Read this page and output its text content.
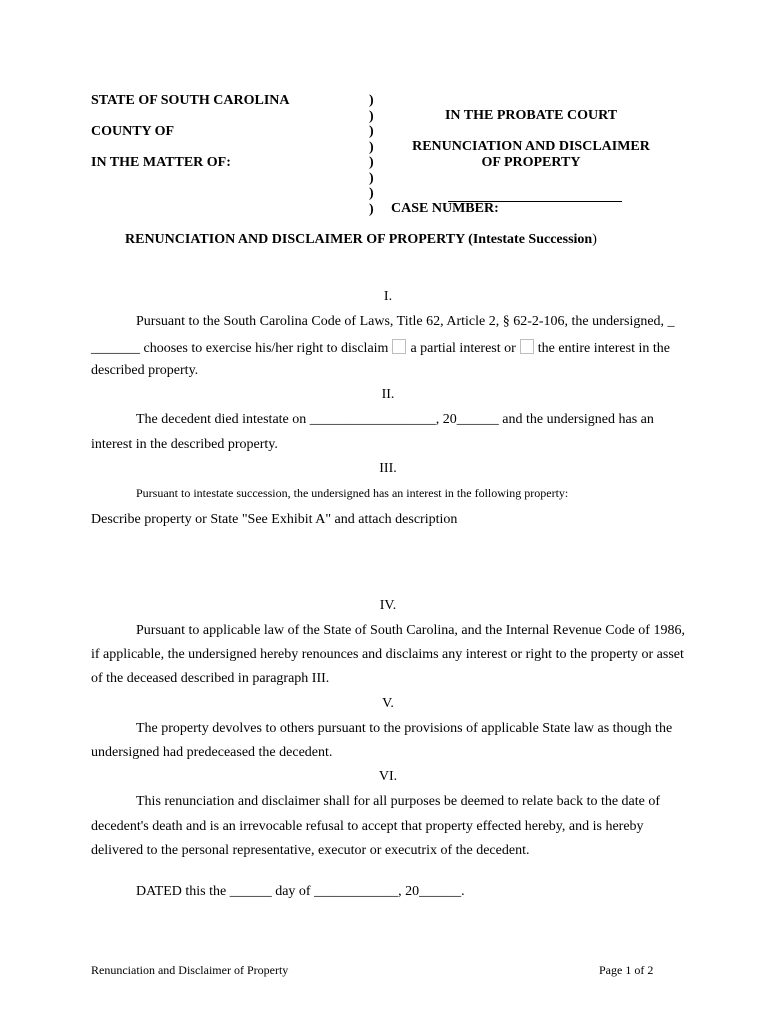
STATE OF SOUTH CAROLINA
COUNTY OF
IN THE MATTER OF:
)
)
)
)
)
)
)
)
IN THE PROBATE COURT
RENUNCIATION AND DISCLAIMER
OF PROPERTY
CASE NUMBER:
RENUNCIATION AND DISCLAIMER OF PROPERTY (Intestate Succession)
I.
Pursuant to the South Carolina Code of Laws, Title 62, Article 2, § 62-2-106, the undersigned, _
_______ chooses to exercise his/her right to disclaim a partial interest or the entire interest in the
described property.
II.
The decedent died intestate on __________________, 20______ and the undersigned has an
interest in the described property.
III.
Pursuant to intestate succession, the undersigned has an interest in the following property:
Describe property or State "See Exhibit A" and attach description
IV.
Pursuant to applicable law of the State of South Carolina, and the Internal Revenue Code of 1986,
if applicable, the undersigned hereby renounces and disclaims any interest or right to the property or asset
of the deceased described in paragraph III.
V.
The property devolves to others pursuant to the provisions of applicable State law as though the
undersigned had predeceased the decedent.
VI.
This renunciation and disclaimer shall for all purposes be deemed to relate back to the date of
decedent's death and is an irrevocable refusal to accept that property effected hereby, and is hereby
delivered to the personal representative, executor or executrix of the decedent.
DATED this the ______ day of ____________, 20______.
Renunciation and Disclaimer of Property	Page 1 of 2
